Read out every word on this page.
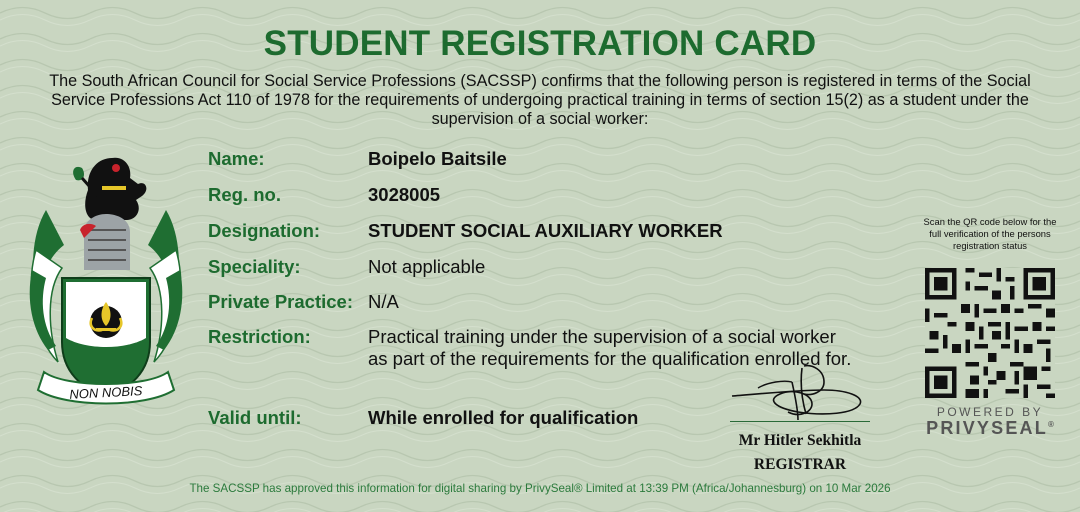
STUDENT REGISTRATION CARD
The South African Council for Social Service Professions (SACSSP) confirms that the following person is registered in terms of the Social Service Professions Act 110 of 1978 for the requirements of undergoing practical training in terms of section 15(2) as a student under the supervision of a social worker:
NON NOBIS
Name:	Boipelo Baitsile
Reg. no.	3028005
Designation:	STUDENT SOCIAL AUXILIARY WORKER
Speciality:	Not applicable
Private Practice: N/A
Restriction:	Practical training under the supervision of a social worker
as part of the requirements for the qualification enrolled for.
Valid until:	While enrolled for qualification
Mr Hitler Sekhitla
REGISTRAR
Scan the QR code below for the full verification of the persons registration status
POWERED BY
PRIVYSEAL®
The SACSSP has approved this information for digital sharing by PrivySeal® Limited at 13:39 PM (Africa/Johannesburg) on 10 Mar 2026
